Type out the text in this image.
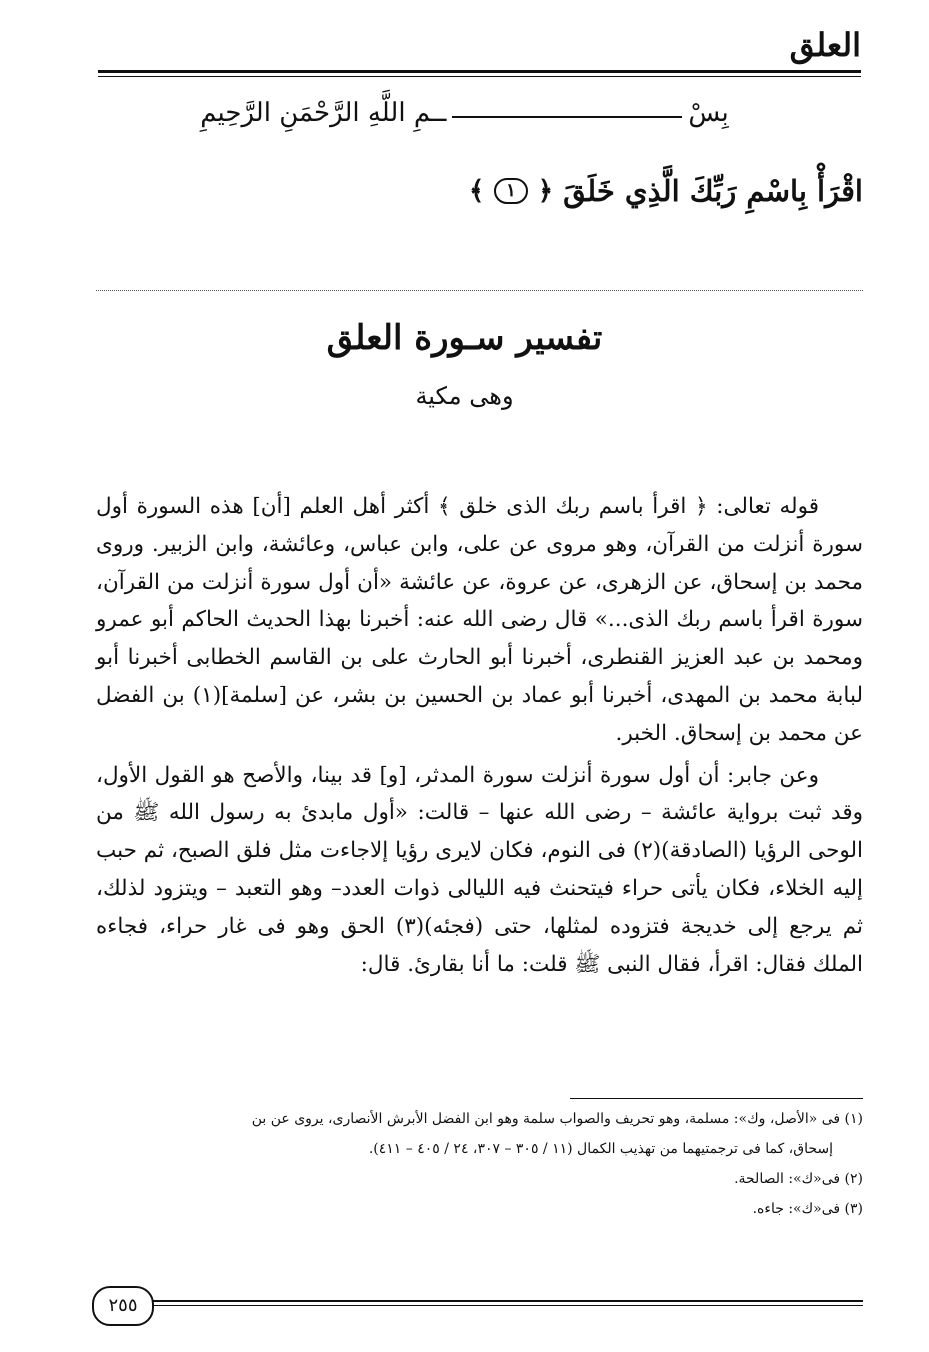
العلق
بِسْــمِ اللَّهِ الرَّحْمَنِ الرَّحِيمِ
اقْرَأْ بِاسْمِ رَبِّكَ الَّذِي خَلَقَ
﴿
١
﴾
تفسير سـورة العلق
وهى مكية

قوله تعالى: ﴿ اقرأ باسم ربك الذى خلق ﴾ أكثر أهل العلم [أن] هذه السورة أول سورة أنزلت من القرآن، وهو مروى عن على، وابن عباس، وعائشة، وابن الزبير. وروى محمد بن إسحاق، عن الزهرى، عن عروة، عن عائشة «أن أول سورة أنزلت من القرآن، سورة اقرأ باسم ربك الذى...» قال رضى الله عنه: أخبرنا بهذا الحديث الحاكم أبو عمرو ومحمد بن عبد العزيز القنطرى، أخبرنا أبو الحارث على بن القاسم الخطابى أخبرنا أبو لبابة محمد بن المهدى، أخبرنا أبو عماد بن الحسين بن بشر، عن [سلمة](١) بن الفضل عن محمد بن إسحاق. الخبر.

وعن جابر: أن أول سورة أنزلت سورة المدثر، [و] قد بينا، والأصح هو القول الأول، وقد ثبت برواية عائشة – رضى الله عنها – قالت: «أول مابدئ به رسول الله ﷺ من الوحى الرؤيا (الصادقة)(٢) فى النوم، فكان لايرى رؤيا إلاجاءت مثل فلق الصبح، ثم حبب إليه الخلاء، فكان يأتى حراء فيتحنث فيه الليالى ذوات العدد– وهو التعبد – ويتزود لذلك، ثم يرجع إلى خديجة فتزوده لمثلها، حتى (فجئه)(٣) الحق وهو فى غار حراء، فجاءه الملك فقال: اقرأ، فقال النبى ﷺ قلت: ما أنا بقارئ. قال:

(١) فى «الأصل، وك»: مسلمة، وهو تحريف والصواب سلمة وهو ابن الفضل الأبرش الأنصارى، يروى عن بن
إسحاق، كما فى ترجمتيهما من تهذيب الكمال (١١ / ٣٠٥ – ٣٠٧، ٢٤ / ٤٠٥ – ٤١١).
(٢) فى«ك»: الصالحة.
(٣) فى«ك»: جاءه.
٢٥٥
